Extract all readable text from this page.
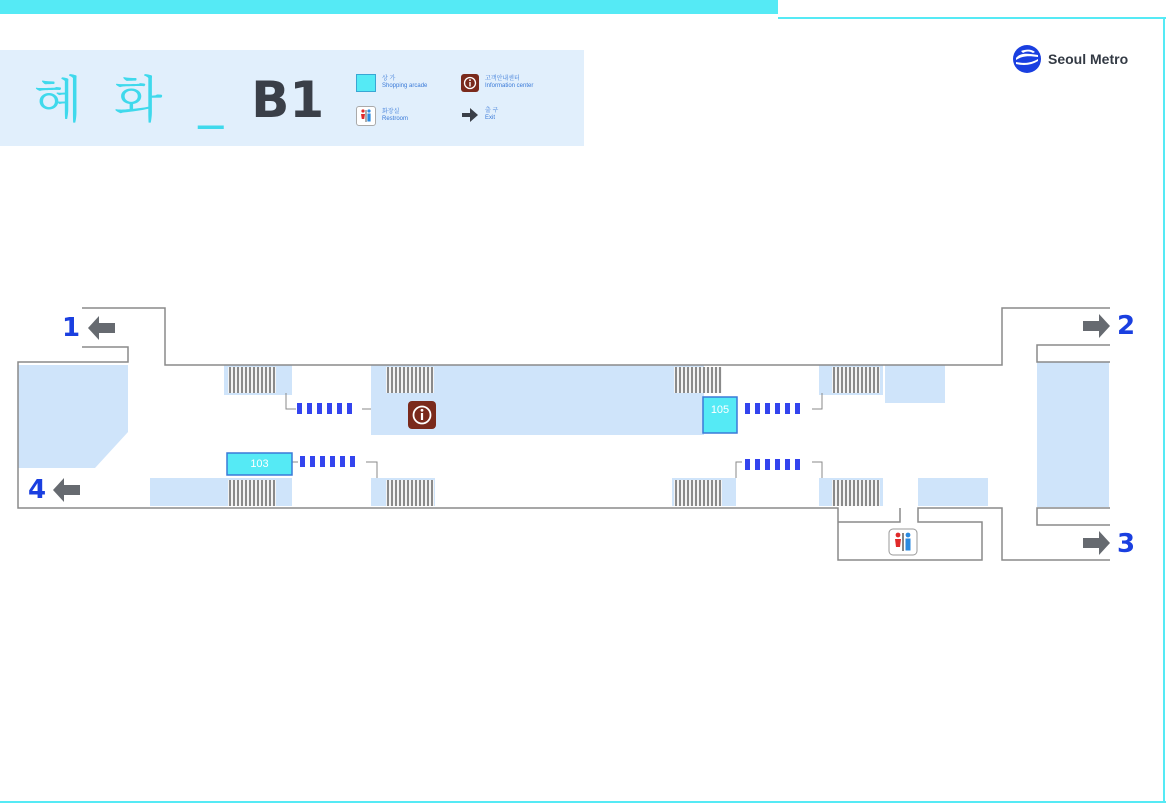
혜  화 _ B1	상 가
Shopping arcade
고객안내센터
Information center
화장실
Restroom
출 구
Exit
Seoul Metro
103
105
1	2
3
4
